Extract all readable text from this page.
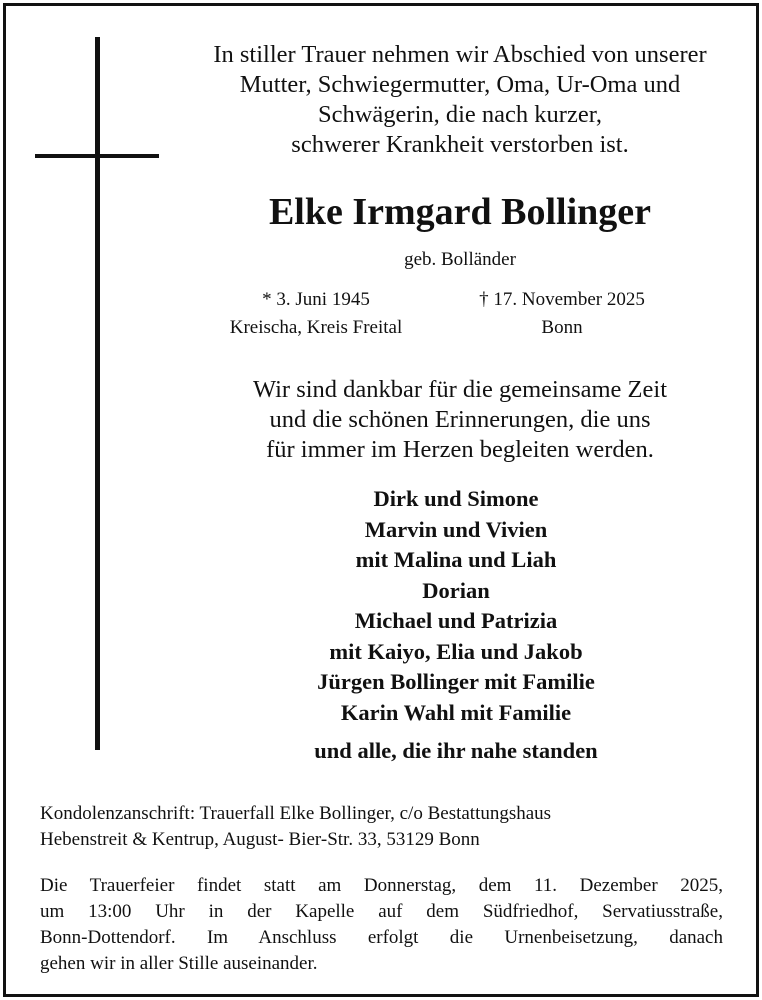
In stiller Trauer nehmen wir Abschied von unserer
Mutter, Schwiegermutter, Oma, Ur-Oma und
Schwägerin, die nach kurzer,
schwerer Krankheit verstorben ist.
Elke Irmgard Bollinger
geb. Bolländer
* 3. Juni 1945
Kreischa, Kreis Freital
† 17. November 2025
Bonn
Wir sind dankbar für die gemeinsame Zeit
und die schönen Erinnerungen, die uns
für immer im Herzen begleiten werden.
Dirk und Simone
Marvin und Vivien
mit Malina und Liah
Dorian
Michael und Patrizia
mit Kaiyo, Elia und Jakob
Jürgen Bollinger mit Familie
Karin Wahl mit Familie
und alle, die ihr nahe standen
Kondolenzanschrift: Trauerfall Elke Bollinger, c/o Bestattungshaus
Hebenstreit & Kentrup, August- Bier-Str. 33, 53129 Bonn
Die Trauerfeier findet statt am Donnerstag, dem 11. Dezember 2025,
um 13:00 Uhr in der Kapelle auf dem Südfriedhof, Servatiusstraße,
Bonn-Dottendorf. Im Anschluss erfolgt die Urnenbeisetzung, danach
gehen wir in aller Stille auseinander.
